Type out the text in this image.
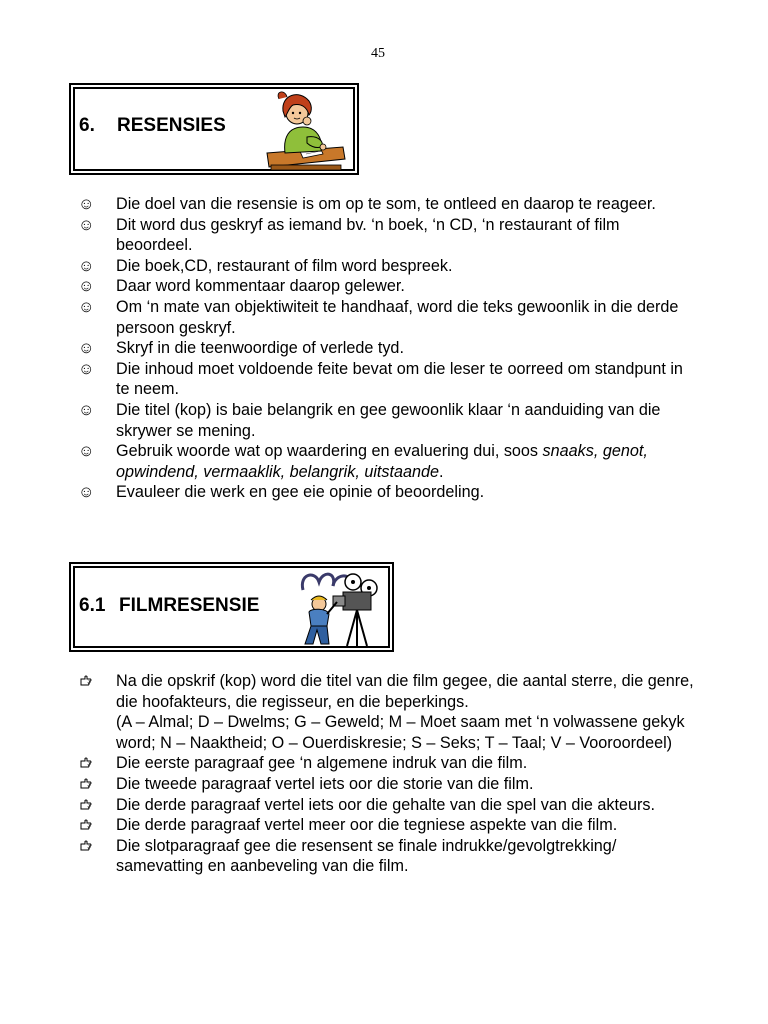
45
6. RESENSIES
☺ Die doel van die resensie is om op te som, te ontleed en daarop te reageer.
☺ Dit word dus geskryf as iemand bv. ‘n boek, ‘n CD, ‘n restaurant of film beoordeel.
☺ Die boek,CD, restaurant of film word bespreek.
☺ Daar word kommentaar daarop gelewer.
☺ Om ‘n mate van objektiwiteit te handhaaf, word die teks gewoonlik in die derde persoon geskryf.
☺ Skryf in die teenwoordige of verlede tyd.
☺ Die inhoud moet voldoende feite bevat om die leser te oorreed om standpunt in te neem.
☺ Die titel (kop) is baie belangrik en gee gewoonlik klaar ‘n aanduiding van die skrywer se mening.
☺ Gebruik woorde wat op waardering en evaluering dui, soos snaaks, genot, opwindend, vermaaklik, belangrik, uitstaande.
☺ Evauleer die werk en gee eie opinie of beoordeling.
6.1 FILMRESENSIE
Na die opskrif (kop) word die titel van die film gegee, die aantal sterre, die genre, die hoofakteurs, die regisseur, en die beperkings.
(A – Almal; D – Dwelms; G – Geweld; M – Moet saam met ‘n volwassene gekyk word; N – Naaktheid; O – Ouerdiskresie; S – Seks; T – Taal; V – Vooroordeel)
Die eerste paragraaf gee ‘n algemene indruk van die film.
Die tweede paragraaf vertel iets oor die storie van die film.
Die derde paragraaf vertel iets oor die gehalte van die spel van die akteurs.
Die derde paragraaf vertel meer oor die tegniese aspekte van die film.
Die slotparagraaf gee die resensent se finale indrukke/gevolgtrekking/ samevatting en aanbeveling van die film.
